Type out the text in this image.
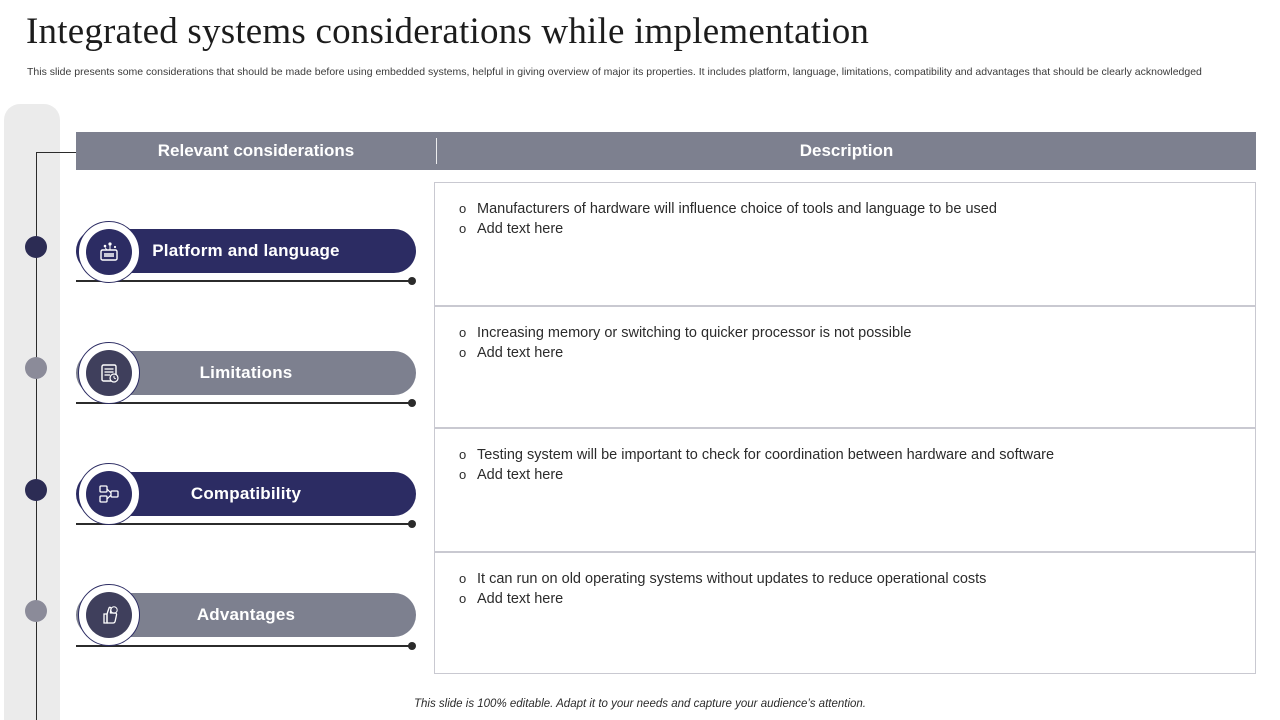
Integrated systems considerations while implementation
This slide presents some considerations that should be made before using embedded systems, helpful in giving overview of major its properties. It includes platform, language, limitations, compatibility and advantages that should be clearly acknowledged
Relevant considerations	Description
Platform and language
o Manufacturers of hardware will influence choice of tools and language to be used
o Add text here
Limitations
o Increasing memory or switching to quicker processor is not possible
o Add text here
Compatibility
o Testing system will be important to check for coordination between hardware and software
o Add text here
Advantages
o It can run on old operating systems without updates to reduce operational costs
o Add text here
This slide is 100% editable. Adapt it to your needs and capture your audience’s attention.
